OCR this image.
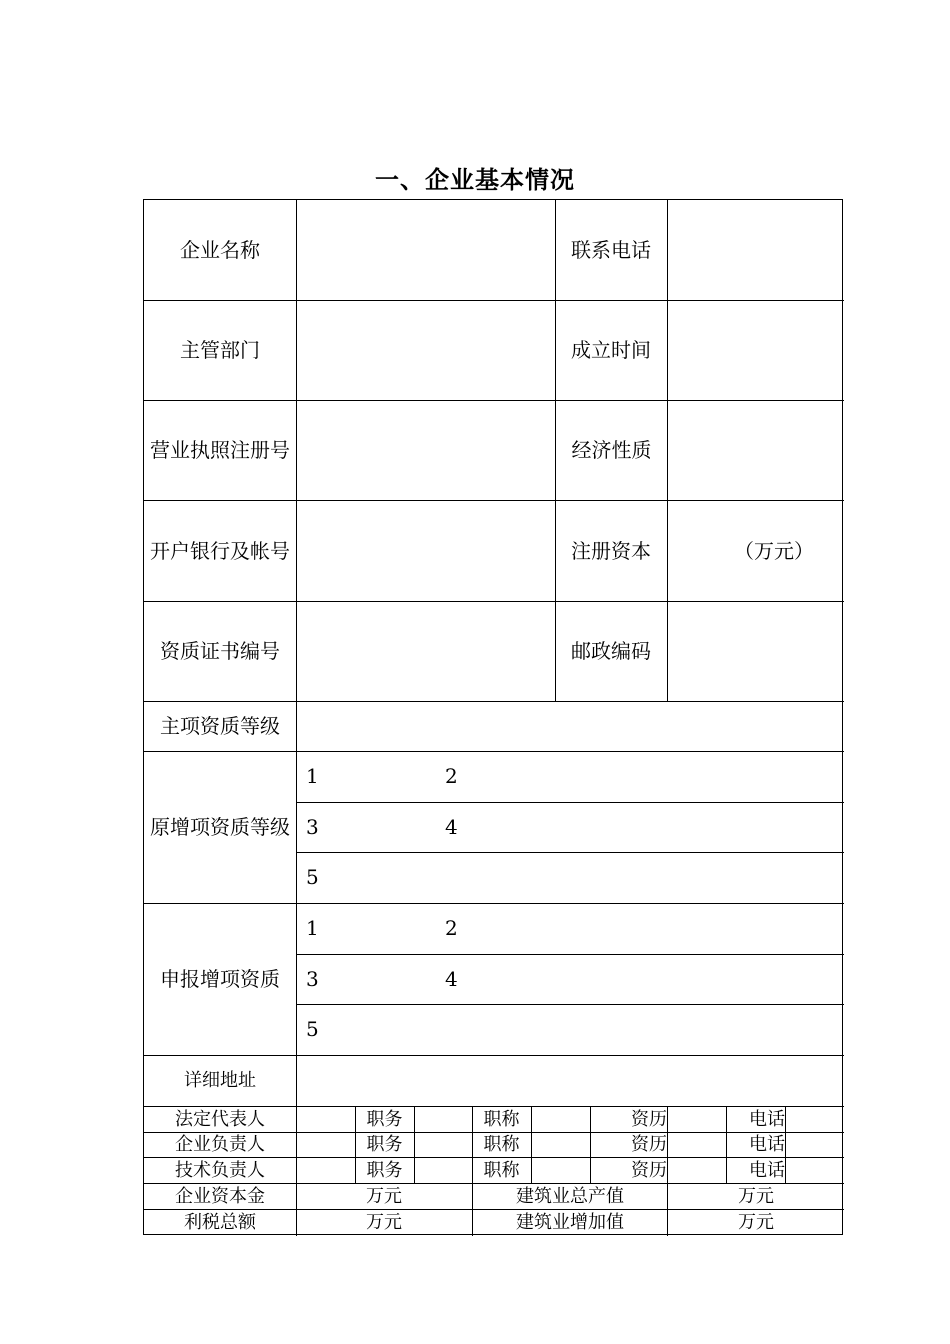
一、企业基本情况
企业名称	联系电话
主管部门	成立时间
营业执照注册号	经济性质
开户银行及帐号	注册资本	（万元）
资质证书编号	邮政编码
主项资质等级
原增项资质等级
1	2
3	4
5
申报增项资质
1	2
3	4
5
详细地址
法定代表人	职务	职称	资历	电话
企业负责人	职务	职称	资历	电话
技术负责人	职务	职称	资历	电话
企业资本金	万元	建筑业总产值	万元
利税总额	万元	建筑业增加值	万元
